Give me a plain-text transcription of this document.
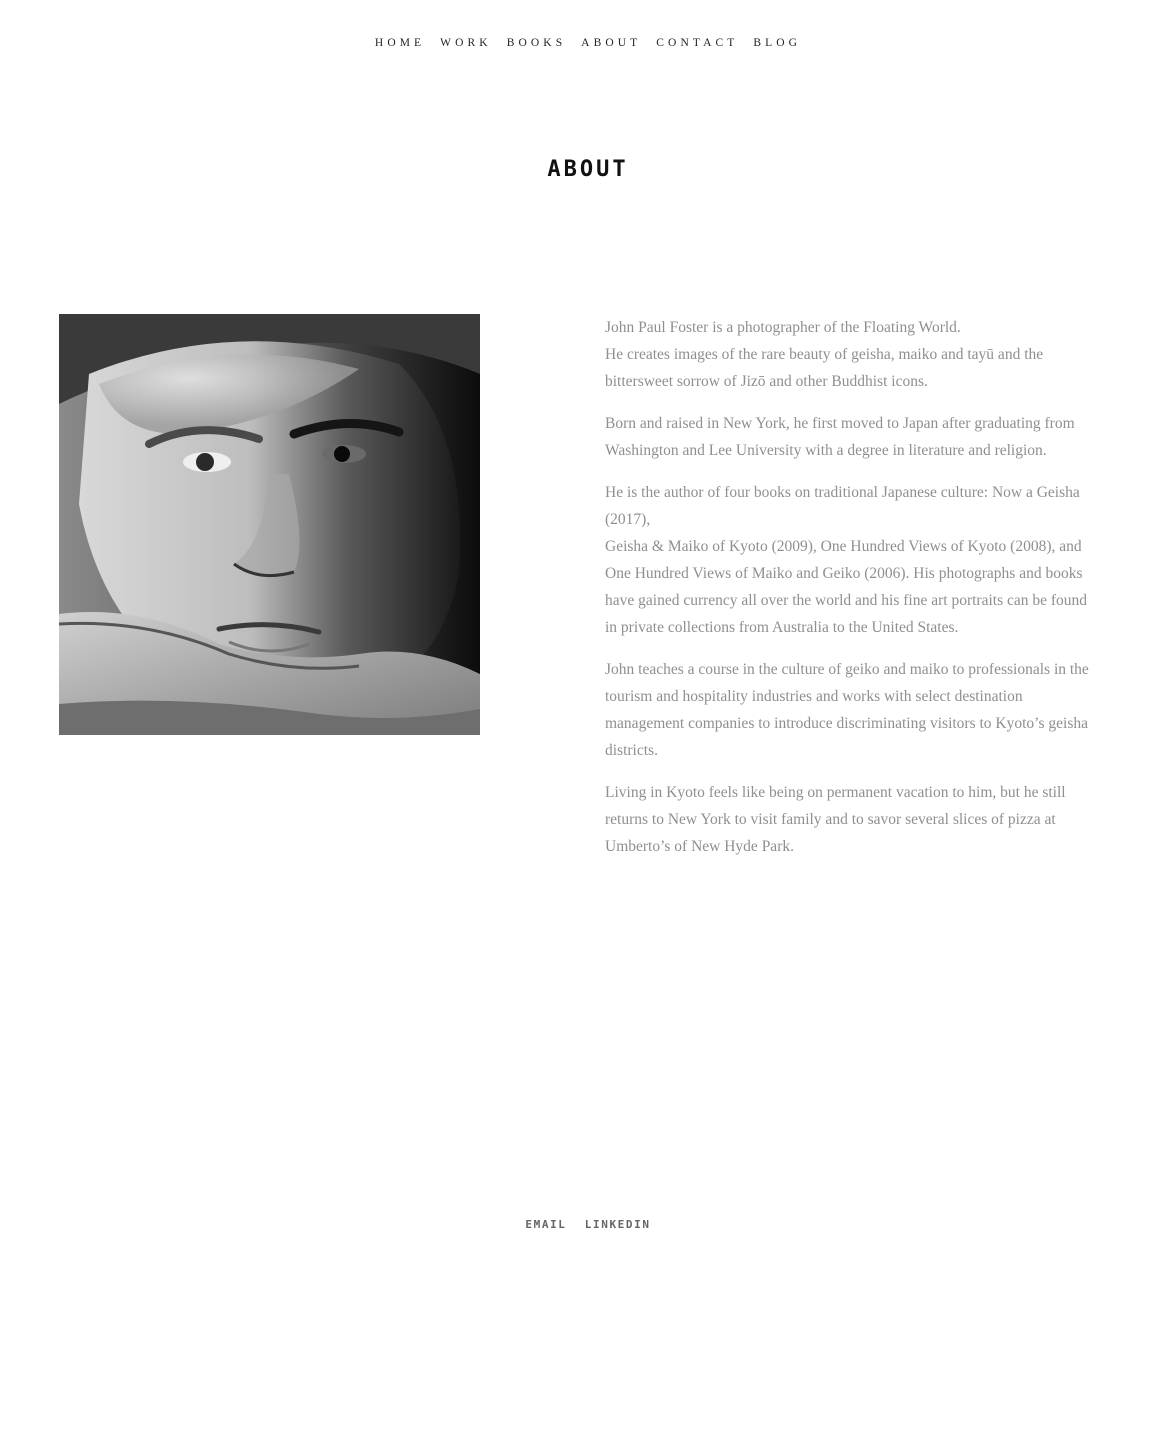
HOME WORK BOOKS ABOUT CONTACT BLOG
ABOUT

John Paul Foster is a photographer of the Floating World.
He creates images of the rare beauty of geisha, maiko and tayū and the
bittersweet sorrow of Jizō and other Buddhist icons.

Born and raised in New York, he first moved to Japan after graduating from
Washington and Lee University with a degree in literature and religion.

He is the author of four books on traditional Japanese culture: Now a Geisha
(2017),
Geisha & Maiko of Kyoto (2009), One Hundred Views of Kyoto (2008), and
One Hundred Views of Maiko and Geiko (2006). His photographs and books
have gained currency all over the world and his fine art portraits can be found
in private collections from Australia to the United States.

John teaches a course in the culture of geiko and maiko to professionals in the
tourism and hospitality industries and works with select destination
management companies to introduce discriminating visitors to Kyoto’s geisha
districts.

Living in Kyoto feels like being on permanent vacation to him, but he still
returns to New York to visit family and to savor several slices of pizza at
Umberto’s of New Hyde Park.

EMAIL LINKEDIN
